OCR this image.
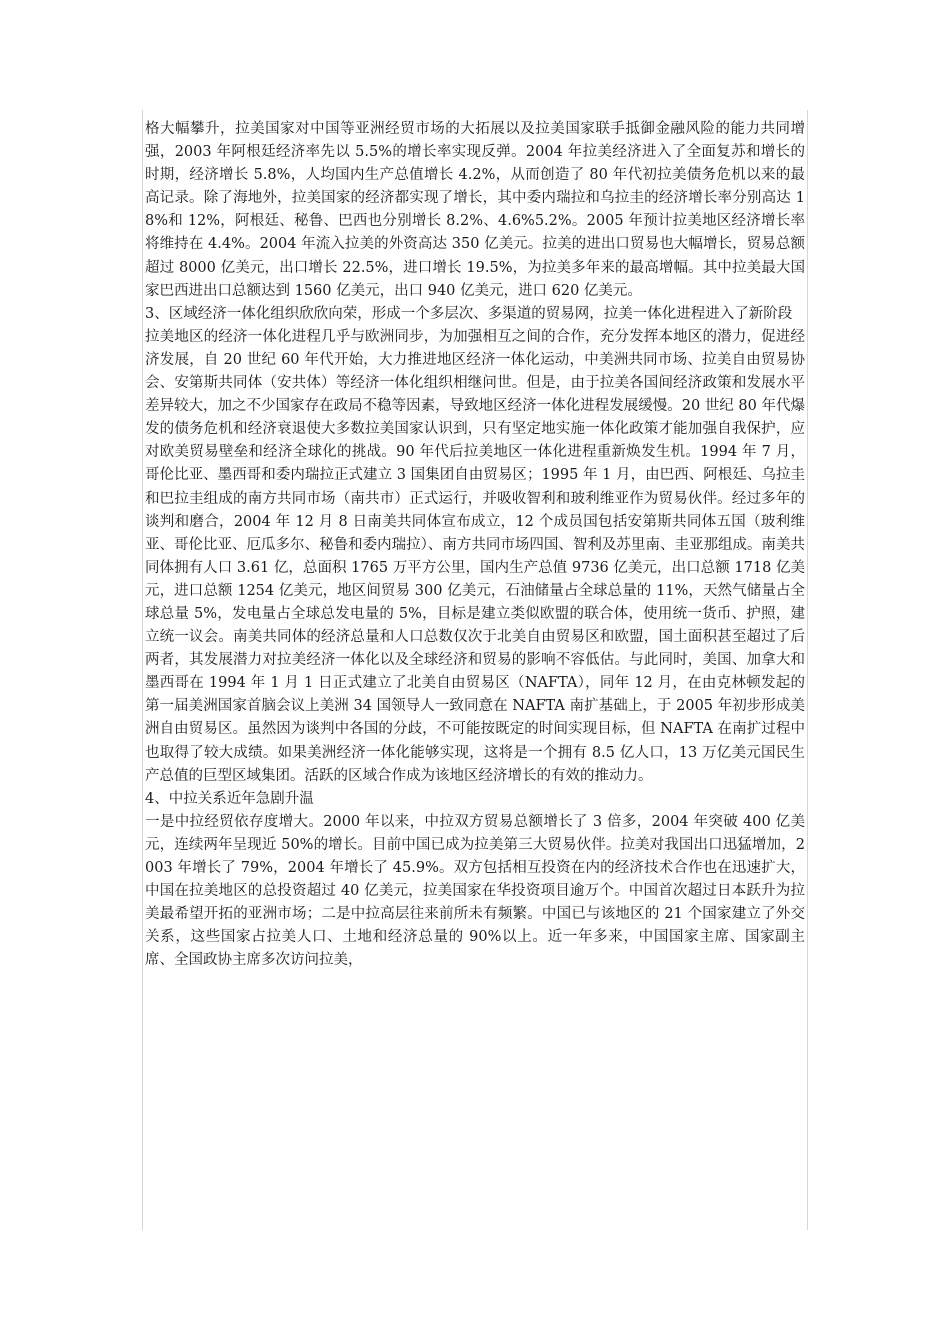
格大幅攀升，拉美国家对中国等亚洲经贸市场的大拓展以及拉美国家联手抵御金融风险的能力共同增强，2003 年阿根廷经济率先以 5.5%的增长率实现反弹。2004 年拉美经济进入了全面复苏和增长的时期，经济增长 5.8%，人均国内生产总值增长 4.2%，从而创造了 80 年代初拉美债务危机以来的最高记录。除了海地外，拉美国家的经济都实现了增长，其中委内瑞拉和乌拉圭的经济增长率分别高达 18%和 12%，阿根廷、秘鲁、巴西也分别增长 8.2%、4.6%5.2%。2005 年预计拉美地区经济增长率将维持在 4.4%。2004 年流入拉美的外资高达 350 亿美元。拉美的进出口贸易也大幅增长，贸易总额超过 8000 亿美元，出口增长 22.5%，进口增长 19.5%，为拉美多年来的最高增幅。其中拉美最大国家巴西进出口总额达到 1560 亿美元，出口 940 亿美元，进口 620 亿美元。

3、区域经济一体化组织欣欣向荣，形成一个多层次、多渠道的贸易网，拉美一体化进程进入了新阶段

拉美地区的经济一体化进程几乎与欧洲同步，为加强相互之间的合作，充分发挥本地区的潜力，促进经济发展，自 20 世纪 60 年代开始，大力推进地区经济一体化运动，中美洲共同市场、拉美自由贸易协会、安第斯共同体（安共体）等经济一体化组织相继问世。但是，由于拉美各国间经济政策和发展水平差异较大，加之不少国家存在政局不稳等因素，导致地区经济一体化进程发展缓慢。20 世纪 80 年代爆发的债务危机和经济衰退使大多数拉美国家认识到，只有坚定地实施一体化政策才能加强自我保护，应对欧美贸易壁垒和经济全球化的挑战。90 年代后拉美地区一体化进程重新焕发生机。1994 年 7 月，哥伦比亚、墨西哥和委内瑞拉正式建立 3 国集团自由贸易区；1995 年 1 月，由巴西、阿根廷、乌拉圭和巴拉圭组成的南方共同市场（南共市）正式运行，并吸收智利和玻利维亚作为贸易伙伴。经过多年的谈判和磨合，2004 年 12 月 8 日南美共同体宣布成立，12 个成员国包括安第斯共同体五国（玻利维亚、哥伦比亚、厄瓜多尔、秘鲁和委内瑞拉）、南方共同市场四国、智利及苏里南、圭亚那组成。南美共同体拥有人口 3.61 亿，总面积 1765 万平方公里，国内生产总值 9736 亿美元，出口总额 1718 亿美元，进口总额 1254 亿美元，地区间贸易 300 亿美元，石油储量占全球总量的 11%，天然气储量占全球总量 5%，发电量占全球总发电量的 5%，目标是建立类似欧盟的联合体，使用统一货币、护照，建立统一议会。南美共同体的经济总量和人口总数仅次于北美自由贸易区和欧盟，国土面积甚至超过了后两者，其发展潜力对拉美经济一体化以及全球经济和贸易的影响不容低估。与此同时，美国、加拿大和墨西哥在 1994 年 1 月 1 日正式建立了北美自由贸易区（NAFTA），同年 12 月，在由克林顿发起的第一届美洲国家首脑会议上美洲 34 国领导人一致同意在 NAFTA 南扩基础上，于 2005 年初步形成美洲自由贸易区。虽然因为谈判中各国的分歧，不可能按既定的时间实现目标，但 NAFTA 在南扩过程中也取得了较大成绩。如果美洲经济一体化能够实现，这将是一个拥有 8.5 亿人口，13 万亿美元国民生产总值的巨型区域集团。活跃的区域合作成为该地区经济增长的有效的推动力。

4、中拉关系近年急剧升温

一是中拉经贸依存度增大。2000 年以来，中拉双方贸易总额增长了 3 倍多，2004 年突破 400 亿美元，连续两年呈现近 50%的增长。目前中国已成为拉美第三大贸易伙伴。拉美对我国出口迅猛增加，2003 年增长了 79%，2004 年增长了 45.9%。双方包括相互投资在内的经济技术合作也在迅速扩大，中国在拉美地区的总投资超过 40 亿美元，拉美国家在华投资项目逾万个。中国首次超过日本跃升为拉美最希望开拓的亚洲市场；二是中拉高层往来前所未有频繁。中国已与该地区的 21 个国家建立了外交关系，这些国家占拉美人口、土地和经济总量的 90%以上。近一年多来，中国国家主席、国家副主席、全国政协主席多次访问拉美，
